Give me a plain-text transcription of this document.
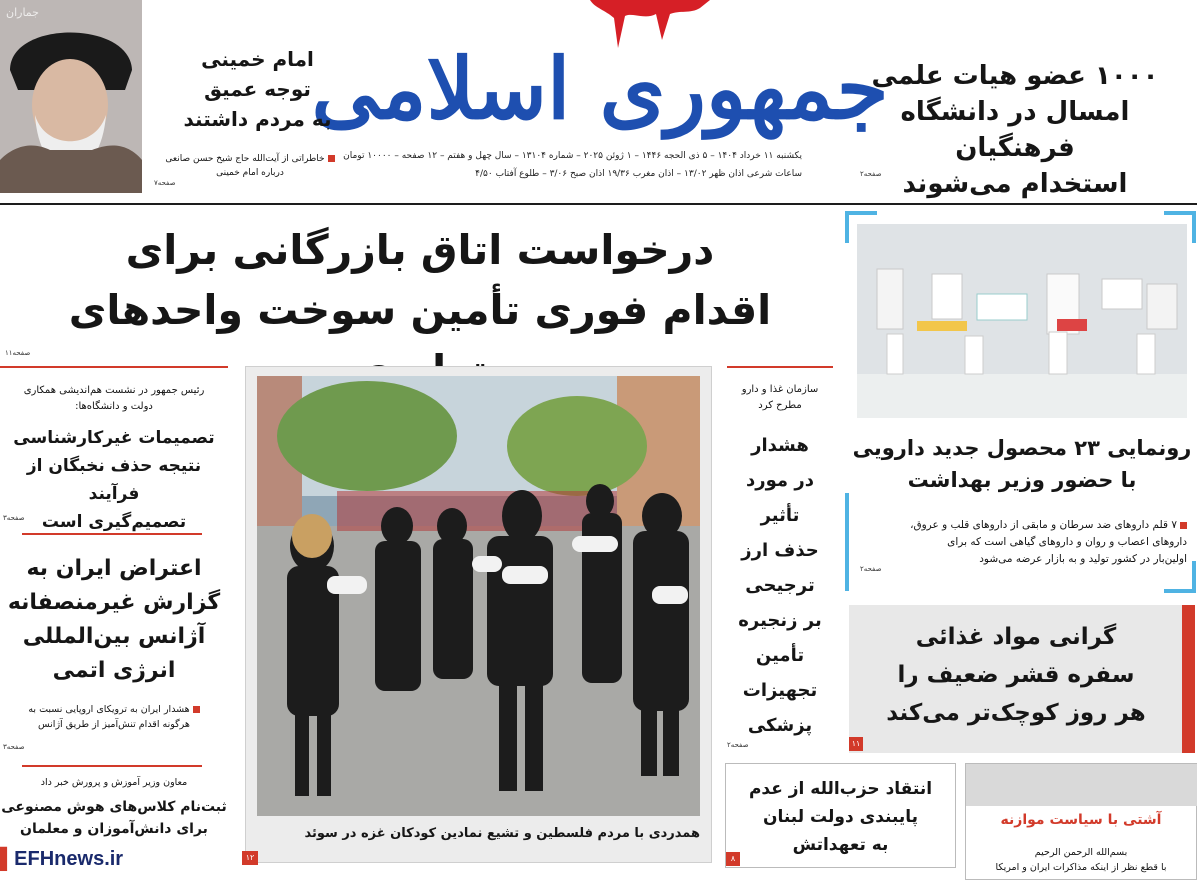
جمهوری اسلامی
یکشنبه ۱۱ خرداد ۱۴۰۴ – ۵ ذی الحجه ۱۴۴۶ – ۱ ژوئن ۲۰۲۵ – شماره ۱۳۱۰۴ – سال چهل و هفتم – ۱۲ صفحه – ۱۰۰۰۰ تومان
ساعات شرعی اذان ظهر ۱۳/۰۲ – اذان مغرب ۱۹/۳۶ اذان صبح ۳/۰۶ – طلوع آفتاب ۴/۵۰
۱۰۰۰ عضو هیات علمی
امسال در دانشگاه فرهنگیان
استخدام می‌شوند
صفحه۲
جماران
امام خمینی
توجه عمیق
به مردم داشتند
خاطراتی از آیت‌الله حاج شیخ حسن صانعی
درباره امام خمینی
صفحه۷
درخواست اتاق بازرگانی برای
اقدام فوری تأمین سوخت واحدهای
صفحه۱۱
رونمایی ۲۳ محصول جدید دارویی
با حضور وزیر بهداشت
۷ قلم داروهای ضد سرطان و مابقی از داروهای قلب و عروق،
داروهای اعصاب و روان و داروهای گیاهی است که برای
اولین‌بار در کشور تولید و به بازار عرضه می‌شود
صفحه۲
گرانی مواد غذائی
سفره قشر ضعیف را
هر روز کوچک‌تر می‌کند
۱۱
سازمان غذا و دارو
مطرح کرد
هشدار
در مورد
تأثیر
حذف ارز
ترجیحی
بر زنجیره
تأمین
تجهیزات
پزشکی
صفحه۲
همدردی با مردم فلسطین و تشیع نمادین کودکان غزه در سوئد
۱۲
رئیس جمهور در نشست هم‌اندیشی همکاری
دولت و دانشگاه‌ها:
تصمیمات غیرکارشناسی
نتیجه حذف نخبگان از فرآیند
تصمیم‌گیری است
صفحه۳
اعتراض ایران به
گزارش غیرمنصفانه
آژانس بین‌المللی
انرژی اتمی
هشدار ایران به ترویکای اروپایی نسبت به
هرگونه اقدام تنش‌آمیز از طریق آژانس
صفحه۳
معاون وزیر آموزش و پرورش خبر داد
ثبت‌نام کلاس‌های هوش مصنوعی
برای دانش‌آموزان و معلمان
▌EFHnews.ir
انتقاد حزب‌الله از عدم
پایبندی دولت لبنان
به تعهداتش
۸
آشتی با سیاست موازنه
بسم‌الله الرحمن الرحیم
با قطع نظر از اینکه مذاکرات ایران و امریکا
